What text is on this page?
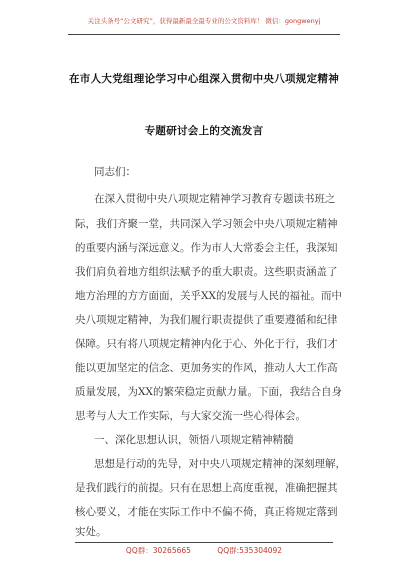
关注头条号“公文研究”，获得最新最全最专业的公文资料库！ 微信：gongwenyj
在市人大党组理论学习中心组深入贯彻中央八项规定精神
专题研讨会上的交流发言
同志们：
在深入贯彻中央八项规定精神学习教育专题读书班之
际，我们齐聚一堂，共同深入学习领会中央八项规定精神
的重要内涵与深远意义。作为市人大常委会主任，我深知
我们肩负着地方组织法赋予的重大职责。这些职责涵盖了
地方治理的方方面面，关乎XX的发展与人民的福祉。而中
央八项规定精神，为我们履行职责提供了重要遵循和纪律
保障。只有将八项规定精神内化于心、外化于行，我们才
能以更加坚定的信念、更加务实的作风，推动人大工作高
质量发展，为XX的繁荣稳定贡献力量。下面，我结合自身
思考与人大工作实际，与大家交流一些心得体会。
一、深化思想认识，领悟八项规定精神精髓
思想是行动的先导，对中央八项规定精神的深刻理解，
是我们践行的前提。只有在思想上高度重视，准确把握其
核心要义，才能在实际工作中不偏不倚，真正将规定落到
实处。
QQ群：30265665	QQ群:535304092
